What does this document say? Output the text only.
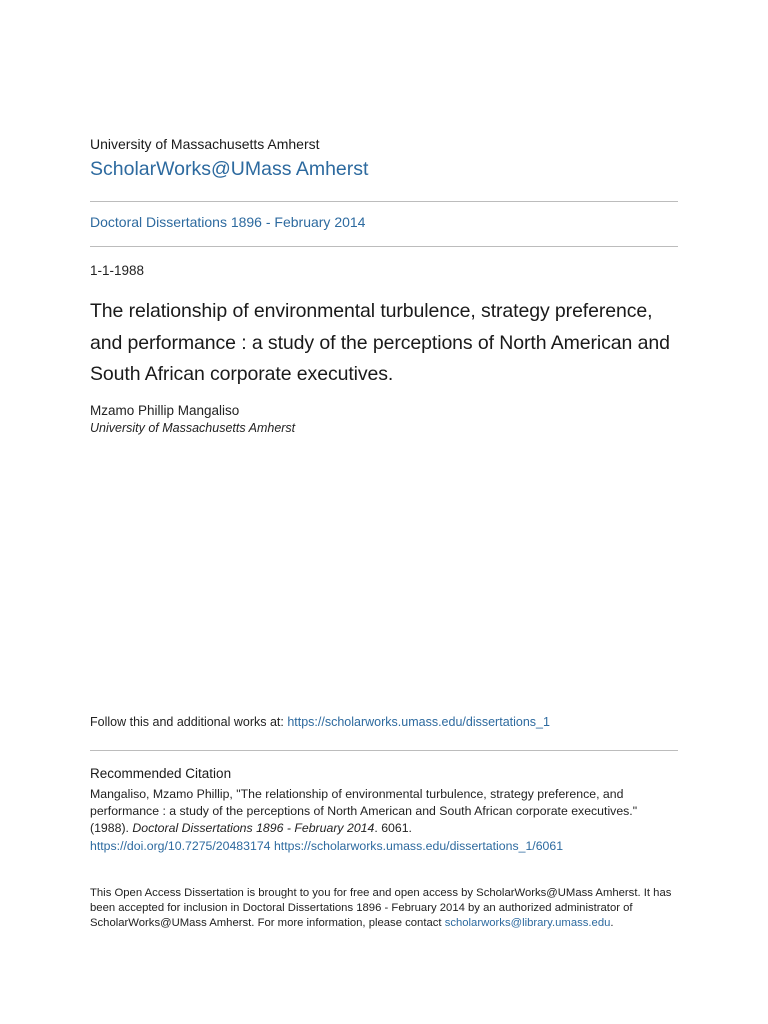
University of Massachusetts Amherst
ScholarWorks@UMass Amherst
Doctoral Dissertations 1896 - February 2014
1-1-1988
The relationship of environmental turbulence, strategy preference, and performance : a study of the perceptions of North American and South African corporate executives.
Mzamo Phillip Mangaliso
University of Massachusetts Amherst
Follow this and additional works at: https://scholarworks.umass.edu/dissertations_1
Recommended Citation
Mangaliso, Mzamo Phillip, "The relationship of environmental turbulence, strategy preference, and performance : a study of the perceptions of North American and South African corporate executives." (1988). Doctoral Dissertations 1896 - February 2014. 6061.
https://doi.org/10.7275/20483174 https://scholarworks.umass.edu/dissertations_1/6061
This Open Access Dissertation is brought to you for free and open access by ScholarWorks@UMass Amherst. It has been accepted for inclusion in Doctoral Dissertations 1896 - February 2014 by an authorized administrator of ScholarWorks@UMass Amherst. For more information, please contact scholarworks@library.umass.edu.
